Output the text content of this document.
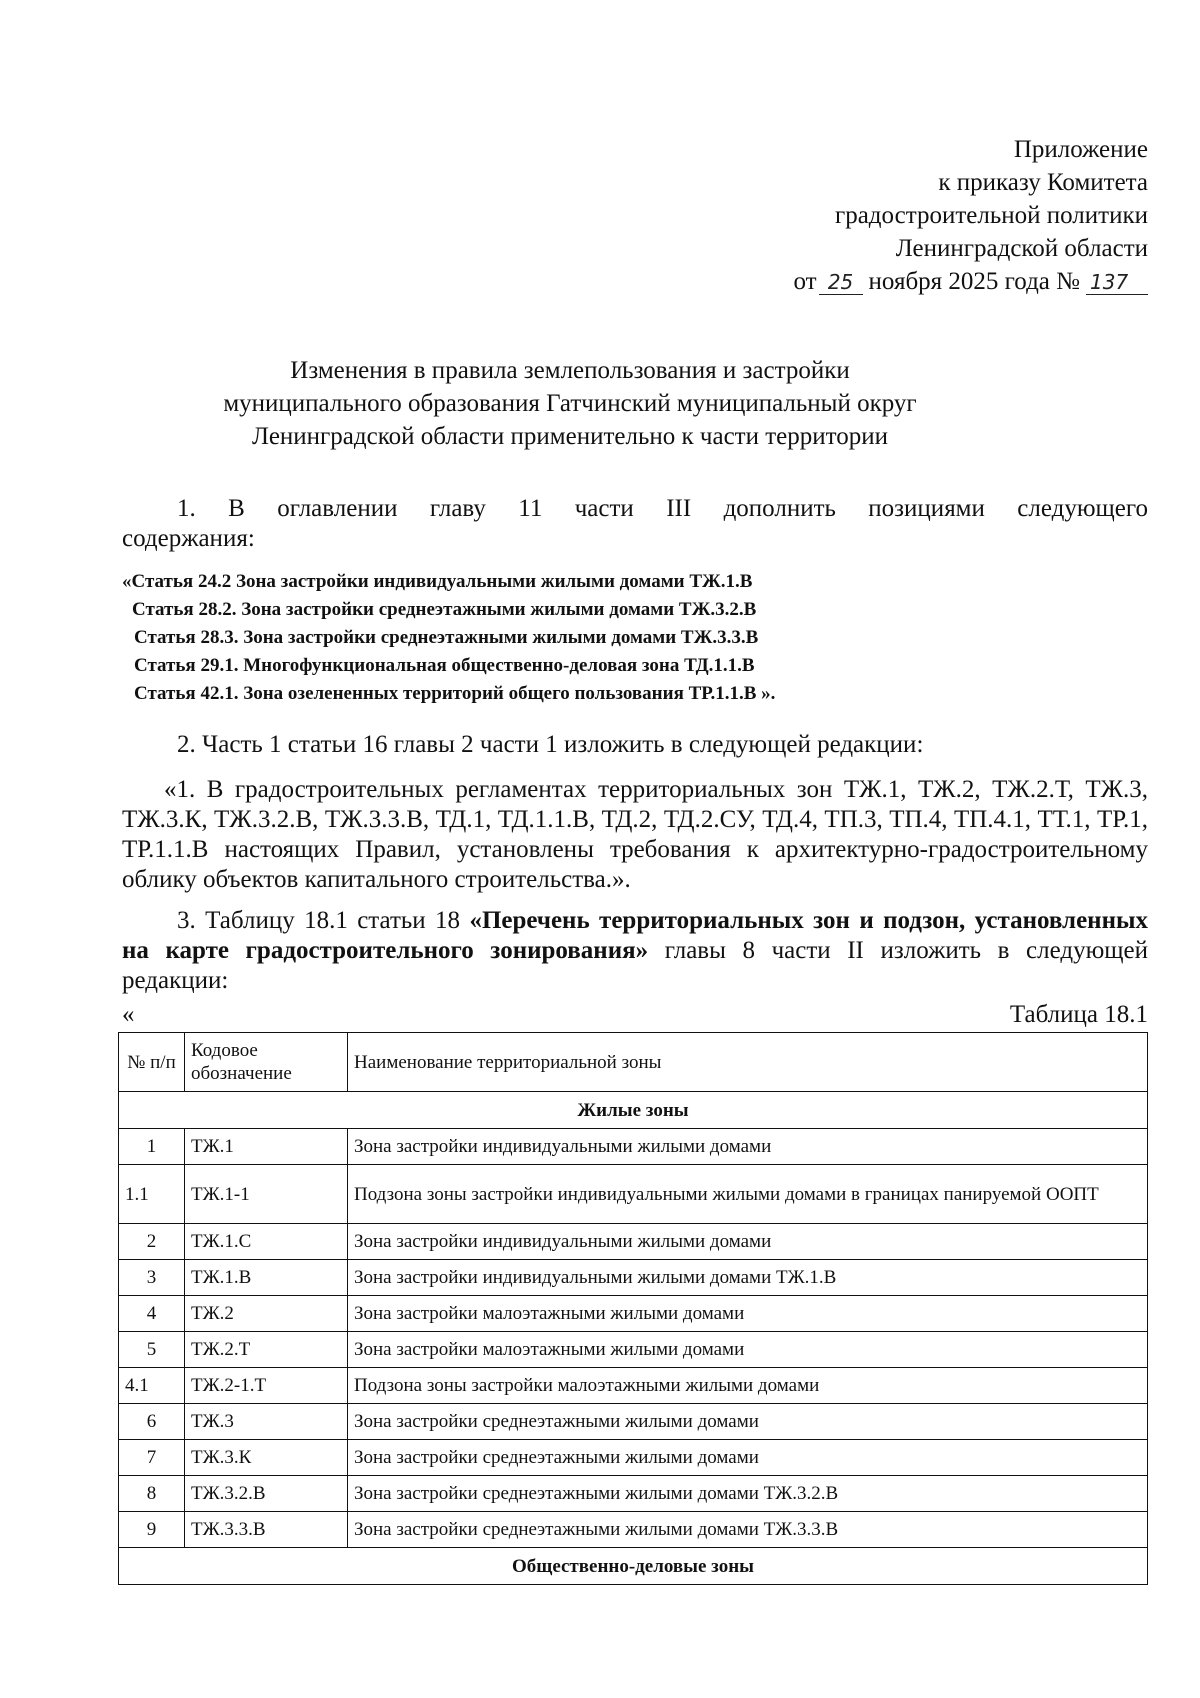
Приложение
к приказу Комитета
градостроительной политики
Ленинградской области
от 25 ноября 2025 года № 137
Изменения в правила землепользования и застройки
муниципального образования Гатчинский муниципальный округ
Ленинградской области применительно к части территории
1. В оглавлении главу 11 части III дополнить позициями следующего
содержания:
«Статья 24.2 Зона застройки индивидуальными жилыми домами ТЖ.1.В
Статья 28.2. Зона застройки среднеэтажными жилыми домами ТЖ.3.2.В
Статья 28.3. Зона застройки среднеэтажными жилыми домами ТЖ.3.3.В
Статья 29.1. Многофункциональная общественно-деловая зона ТД.1.1.В
Статья 42.1. Зона озелененных территорий общего пользования ТР.1.1.В ».
2. Часть 1 статьи 16 главы 2 части 1 изложить в следующей редакции:
«1. В градостроительных регламентах территориальных зон ТЖ.1, ТЖ.2, ТЖ.2.Т, ТЖ.3, ТЖ.3.К, ТЖ.3.2.В, ТЖ.3.3.В, ТД.1, ТД.1.1.В, ТД.2, ТД.2.СУ, ТД.4, ТП.3, ТП.4, ТП.4.1, ТТ.1, ТР.1, ТР.1.1.В настоящих Правил, установлены требования к архитектурно-градостроительному облику объектов капитального строительства.».
3. Таблицу 18.1 статьи 18 «Перечень территориальных зон и подзон, установленных на карте градостроительного зонирования» главы 8 части II изложить в следующей редакции:
«	Таблица 18.1
№ п/п	Кодовое обозначение	Наименование территориальной зоны
Жилые зоны		
1	ТЖ.1	Зона застройки индивидуальными жилыми домами
1.1	ТЖ.1-1	Подзона зоны застройки индивидуальными жилыми домами в границах панируемой ООПТ
2	ТЖ.1.С	Зона застройки индивидуальными жилыми домами
3	ТЖ.1.В	Зона застройки индивидуальными жилыми домами ТЖ.1.В
4	ТЖ.2	Зона застройки малоэтажными жилыми домами
5	ТЖ.2.Т	Зона застройки малоэтажными жилыми домами
4.1	ТЖ.2-1.Т	Подзона зоны застройки малоэтажными жилыми домами
6	ТЖ.3	Зона застройки среднеэтажными жилыми домами
7	ТЖ.3.К	Зона застройки среднеэтажными жилыми домами
8	ТЖ.3.2.В	Зона застройки среднеэтажными жилыми домами ТЖ.3.2.В
9	ТЖ.3.3.В	Зона застройки среднеэтажными жилыми домами ТЖ.3.3.В
Общественно-деловые зоны		
